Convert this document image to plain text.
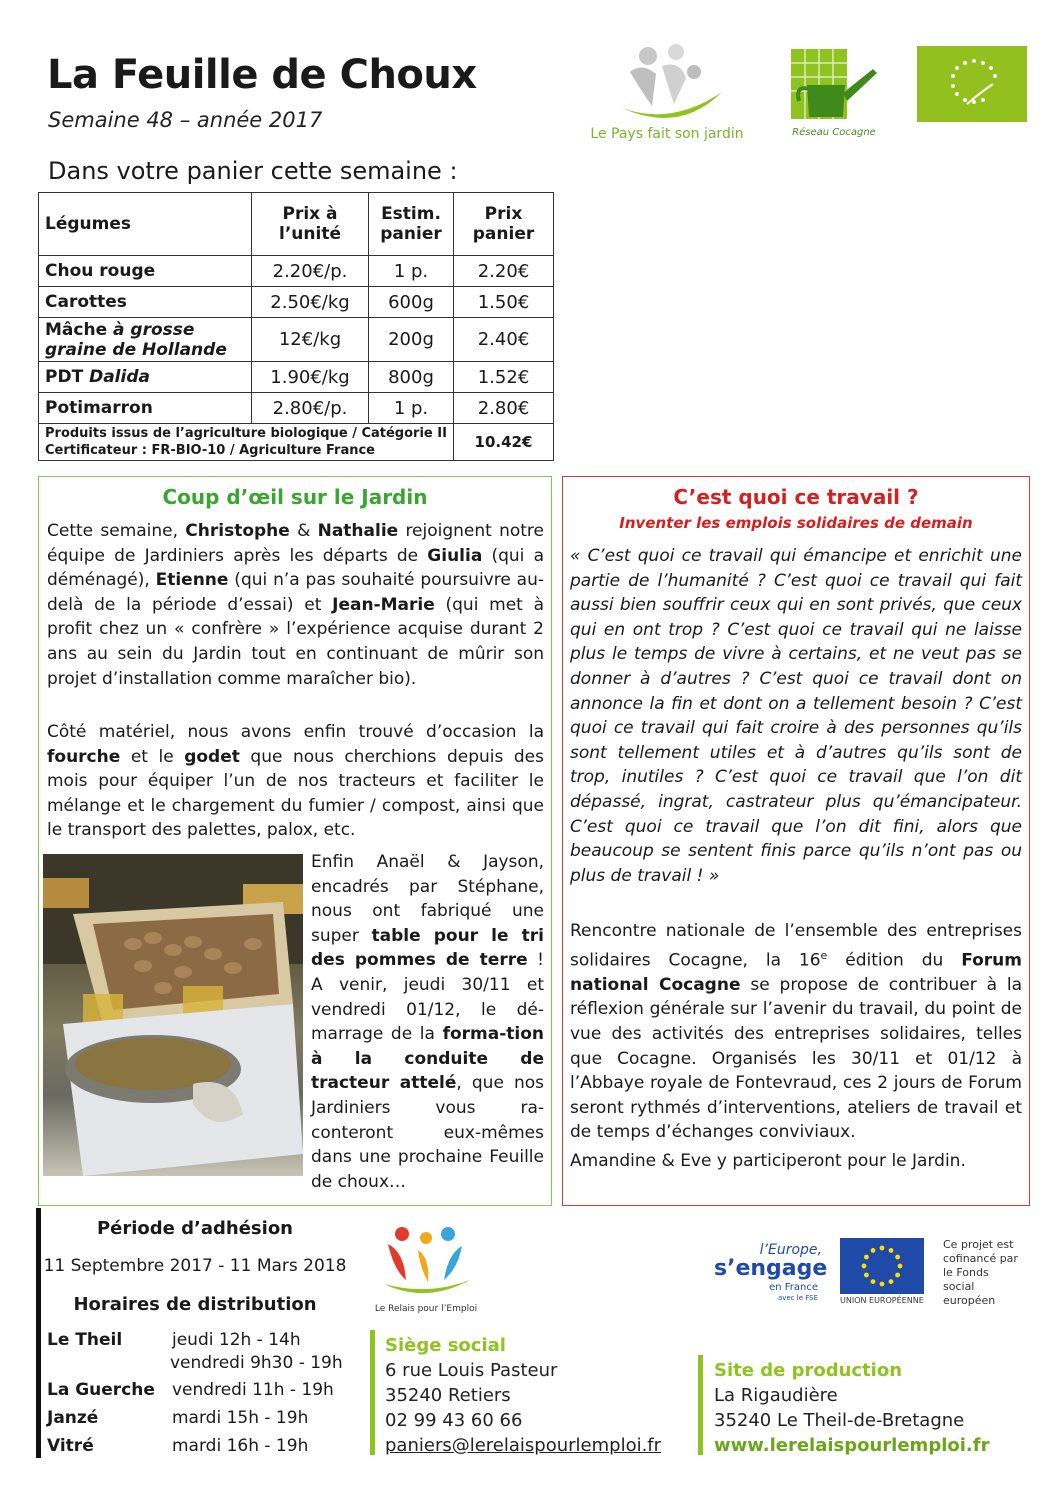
La Feuille de Choux
Semaine 48 – année 2017
Le Pays fait son jardin	Réseau Cocagne
Dans votre panier cette semaine :
Légumes	Prix à l’unité	Estim. panier	Prix panier
Chou rouge	2.20€/p.	1 p.	2.20€
Carottes	2.50€/kg	600g	1.50€
Mâche à grosse graine de Hollande	12€/kg	200g	2.40€
PDT Dalida	1.90€/kg	800g	1.52€
Potimarron	2.80€/p.	1 p.	2.80€

Produits issus de l’agriculture biologique / Catégorie II
Certificateur : FR-BIO-10 / Agriculture France			10.42€
Coup d’œil sur le Jardin
Cette semaine, Christophe & Nathalie rejoignent notre équipe de Jardiniers après les départs de Giulia (qui a déménagé), Etienne (qui n’a pas souhaité poursuivre au-delà de la période d’essai) et Jean-Marie (qui met à profit chez un « confrère » l’expérience acquise durant 2 ans au sein du Jardin tout en continuant de mûrir son projet d’installation comme maraîcher bio).
Côté matériel, nous avons enfin trouvé d’occasion la fourche et le godet que nous cherchions depuis des mois pour équiper l’un de nos tracteurs et faciliter le mélange et le chargement du fumier / compost, ainsi que le transport des palettes, palox, etc.
Enfin Anaël & Jayson, encadrés par Stéphane, nous ont fabriqué une super table pour le tri des pommes de terre ! A venir, jeudi 30/11 et vendredi 01/12, le dé-marrage de la forma-tion à la conduite de tracteur attelé, que nos Jardiniers vous ra-conteront eux-mêmes dans une prochaine Feuille de choux…
C’est quoi ce travail ?
Inventer les emplois solidaires de demain
« C’est quoi ce travail qui émancipe et enrichit une partie de l’humanité ? C’est quoi ce travail qui fait aussi bien souffrir ceux qui en sont privés, que ceux qui en ont trop ? C’est quoi ce travail qui ne laisse plus le temps de vivre à certains, et ne veut pas se donner à d’autres ? C’est quoi ce travail dont on annonce la fin et dont on a tellement besoin ? C’est quoi ce travail qui fait croire à des personnes qu’ils sont tellement utiles et à d’autres qu’ils sont de trop, inutiles ? C’est quoi ce travail que l’on dit dépassé, ingrat, castrateur plus qu’émancipateur. C’est quoi ce travail que l’on dit fini, alors que beaucoup se sentent finis parce qu’ils n’ont pas ou plus de travail ! »
Rencontre nationale de l’ensemble des entreprises solidaires Cocagne, la 16e édition du Forum national Cocagne se propose de contribuer à la réflexion générale sur l’avenir du travail, du point de vue des activités des entreprises solidaires, telles que Cocagne. Organisés les 30/11 et 01/12 à l’Abbaye royale de Fontevraud, ces 2 jours de Forum seront rythmés d’interventions, ateliers de travail et de temps d’échanges conviviaux.
Amandine & Eve y participeront pour le Jardin.
Période d’adhésion
11 Septembre 2017 - 11 Mars 2018
Horaires de distribution
Le Theil	jeudi 12h - 14h
vendredi 9h30 - 19h
La Guerche vendredi 11h - 19h
Janzé	mardi 15h - 19h
Vitré	mardi 16h - 19h
Le Relais pour l’Emploi
Siège social
6 rue Louis Pasteur
35240 Retiers
02 99 43 60 66
paniers@lerelaispourlemploi.fr
Site de production
La Rigaudière
35240 Le Theil-de-Bretagne
www.lerelaispourlemploi.fr
l’Europe,
s’engage
en France
avec le FSE	UNION EUROPÉENNE
Ce projet est cofinancé par le Fonds social européen
